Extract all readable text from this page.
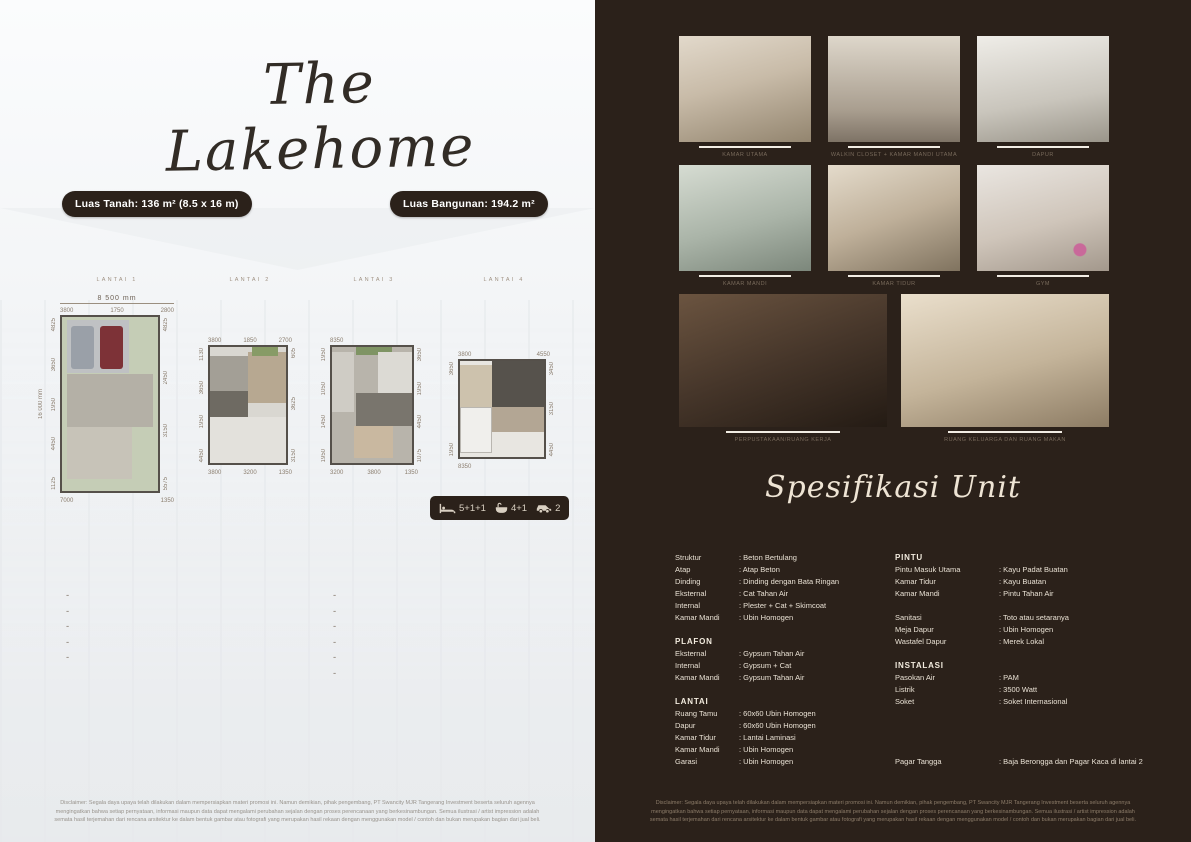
The Lakehome
Luas Tanah: 136 m² (8.5 x 16 m)	Luas Bangunan: 194.2 m²
LANTAI 1
8 500 mm
3800	1750	2800
16 000 mm
4825
3650
1950
4450
1125
4825
2450
3150
5575
7000	1350
LANTAI 2
3800	1850	2700
1130
3650
1950
4450
605
3625
3150
3800	3200	1350
LANTAI 3
8350
1950
1050
1450
1950
3650
1950
4450
1075
3200	3800	1350
LANTAI 4
3800	4550
3650
1950
3450
3150
4450
8350
5+1+1	4+1	2
-
-
-
-
-
-
-
-
-
-
-
Disclaimer: Segala daya upaya telah dilakukan dalam mempersiapkan materi promosi ini. Namun demikian, pihak pengembang, PT Swancity MJR Tangerang Investment beserta seluruh agennya mengingatkan bahwa setiap pernyataan, informasi maupun data dapat mengalami perubahan sejalan dengan proses perencanaan yang berkesinambungan. Semua ilustrasi / artist impression adalah semata hasil terjemahan dari rencana arsitektur ke dalam bentuk gambar atau fotografi yang merupakan hasil rekaan dengan menggunakan model / contoh dan bukan merupakan bagian dari jual beli.
KAMAR UTAMA	WALKIN CLOSET + KAMAR MANDI UTAMA	DAPUR
KAMAR MANDI	KAMAR TIDUR	GYM
PERPUSTAKAAN/RUANG KERJA	RUANG KELUARGA DAN RUANG MAKAN
Spesifikasi Unit
Struktur	: Beton Bertulang
Atap	: Atap Beton
Dinding	: Dinding dengan Bata Ringan
Eksternal	: Cat Tahan Air
Internal	: Plester + Cat + Skimcoat
Kamar Mandi	: Ubin Homogen
PLAFON
Eksternal	: Gypsum Tahan Air
Internal	: Gypsum + Cat
Kamar Mandi	: Gypsum Tahan Air
LANTAI
Ruang Tamu	: 60x60 Ubin Homogen
Dapur	: 60x60 Ubin Homogen
Kamar Tidur	: Lantai Laminasi
Kamar Mandi	: Ubin Homogen
Garasi	: Ubin Homogen
PINTU
Pintu Masuk Utama	: Kayu Padat Buatan
Kamar Tidur	: Kayu Buatan
Kamar Mandi	: Pintu Tahan Air
Sanitasi	: Toto atau setaranya
Meja Dapur	: Ubin Homogen
Wastafel Dapur	: Merek Lokal
INSTALASI
Pasokan Air	: PAM
Listrik	: 3500 Watt
Soket	: Soket Internasional
Pagar Tangga	: Baja Berongga dan Pagar Kaca di lantai 2
Disclaimer: Segala daya upaya telah dilakukan dalam mempersiapkan materi promosi ini. Namun demikian, pihak pengembang, PT Swancity MJR Tangerang Investment beserta seluruh agennya mengingatkan bahwa setiap pernyataan, informasi maupun data dapat mengalami perubahan sejalan dengan proses perencanaan yang berkesinambungan. Semua ilustrasi / artist impression adalah semata hasil terjemahan dari rencana arsitektur ke dalam bentuk gambar atau fotografi yang merupakan hasil rekaan dengan menggunakan model / contoh dan bukan merupakan bagian dari jual beli.
